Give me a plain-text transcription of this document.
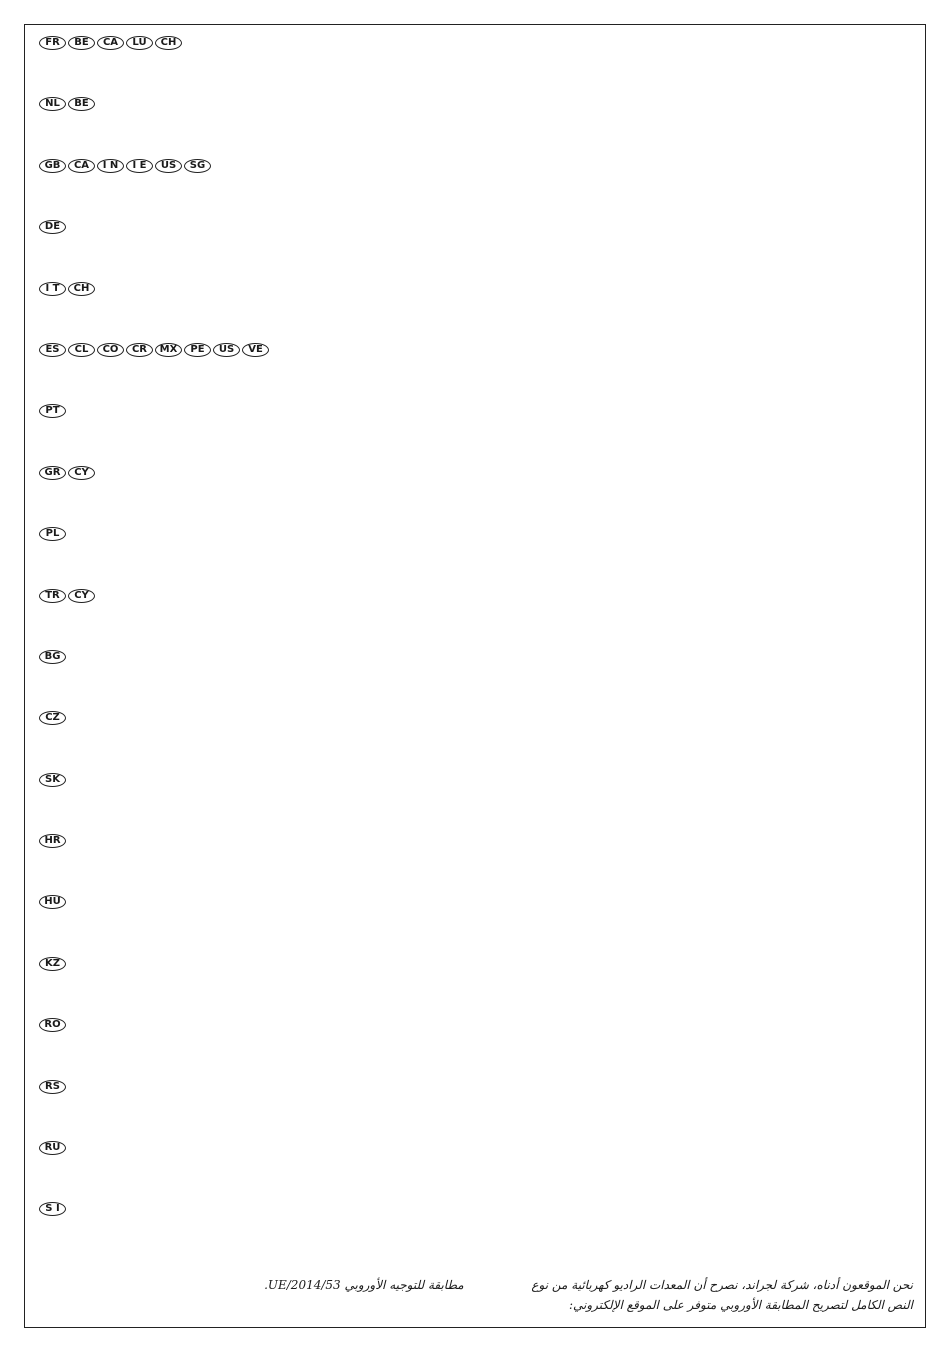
FR	BE	CA	LU	CH
NL	BE
GB	CA	I N	I E	US	SG
DE
I T	CH
ES	CL	CO	CR	MX	PE	US	VE
PT
GR	CY
PL
TR	CY
BG
CZ
SK
HR
HU
KZ
RO
RS
RU
S I
نحن الموقعون أدناه، شركة لجراند، نصرح أن المعدات الراديو كهربائية من نوع  مطابقة للتوجيه الأوروبي UE/2014/53.
النص الكامل لتصريح المطابقة الأوروبي متوفر على الموقع الإلكتروني:
